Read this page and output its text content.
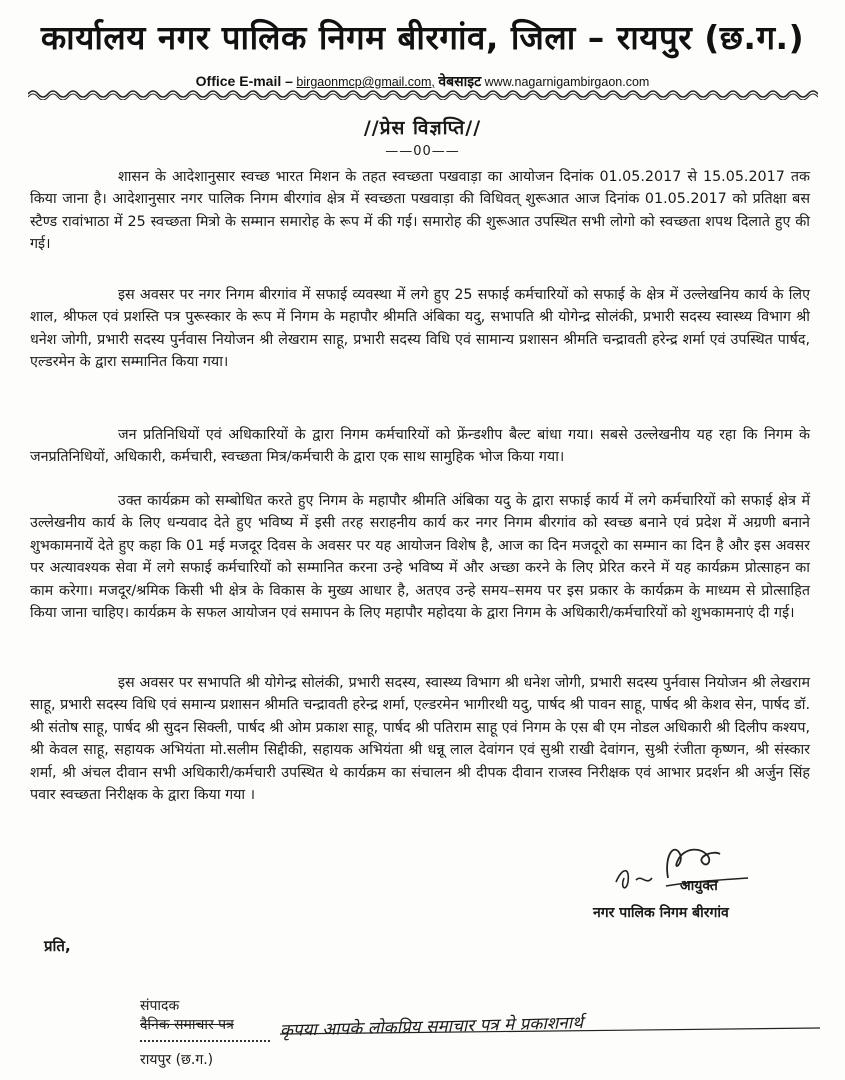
कार्यालय नगर पालिक निगम बीरगांव, जिला – रायपुर (छ.ग.)
Office E-mail – birgaonmcp@gmail.com, वेबसाइट www.nagarnigambirgaon.com
//प्रेस विज्ञप्ति//
——00——

शासन के आदेशानुसार स्वच्छ भारत मिशन के तहत स्वच्छता पखवाड़ा का आयोजन दिनांक 01.05.2017 से 15.05.2017 तक किया जाना है। आदेशानुसार नगर पालिक निगम बीरगांव क्षेत्र में स्वच्छता पखवाड़ा की विधिवत् शुरूआत आज दिनांक 01.05.2017 को प्रतिक्षा बस स्टैण्ड रावांभाठा में 25 स्वच्छता मित्रो के सम्मान समारोह के रूप में की गई। समारोह की शुरूआत उपस्थित सभी लोगो को स्वच्छता शपथ दिलाते हुए की गई।

इस अवसर पर नगर निगम बीरगांव में सफाई व्यवस्था में लगे हुए 25 सफाई कर्मचारियों को सफाई के क्षेत्र में उल्लेखनिय कार्य के लिए शाल, श्रीफल एवं प्रशस्ति पत्र पुरूस्कार के रूप में निगम के महापौर श्रीमति अंबिका यदु, सभापति श्री योगेन्द्र सोलंकी, प्रभारी सदस्य स्वास्थ्य विभाग श्री धनेश जोगी, प्रभारी सदस्य पुर्नवास नियोजन श्री लेखराम साहू, प्रभारी सदस्य विधि एवं सामान्य प्रशासन श्रीमति चन्द्रावती हरेन्द्र शर्मा एवं उपस्थित पार्षद, एल्डरमेन के द्वारा सम्मानित किया गया।

जन प्रतिनिधियों एवं अधिकारियों के द्वारा निगम कर्मचारियों को फ्रेंन्डशीप बैल्ट बांधा गया। सबसे उल्लेखनीय यह रहा कि निगम के जनप्रतिनिधियों, अधिकारी, कर्मचारी, स्वच्छता मित्र/कर्मचारी के द्वारा एक साथ सामुहिक भोज किया गया।

उक्त कार्यक्रम को सम्बोधित करते हुए निगम के महापौर श्रीमति अंबिका यदु के द्वारा सफाई कार्य में लगे कर्मचारियों को सफाई क्षेत्र में उल्लेखनीय कार्य के लिए धन्यवाद देते हुए भविष्य में इसी तरह सराहनीय कार्य कर नगर निगम बीरगांव को स्वच्छ बनाने एवं प्रदेश में अग्रणी बनाने शुभकामनायें देते हुए कहा कि 01 मई मजदूर दिवस के अवसर पर यह आयोजन विशेष है, आज का दिन मजदूरो का सम्मान का दिन है और इस अवसर पर अत्यावश्यक सेवा में लगे सफाई कर्मचारियों को सम्मानित करना उन्हे भविष्य में और अच्छा करने के लिए प्रेरित करने में यह कार्यक्रम प्रोत्साहन का काम करेगा। मजदूर/श्रमिक किसी भी क्षेत्र के विकास के मुख्य आधार है, अतएव उन्हे समय–समय पर इस प्रकार के कार्यक्रम के माध्यम से प्रोत्साहित किया जाना चाहिए। कार्यक्रम के सफल आयोजन एवं समापन के लिए महापौर महोदया के द्वारा निगम के अधिकारी/कर्मचारियों को शुभकामनाएं दी गई।

इस अवसर पर सभापति श्री योगेन्द्र सोलंकी, प्रभारी सदस्य, स्वास्थ्य विभाग श्री धनेश जोगी, प्रभारी सदस्य पुर्नवास नियोजन श्री लेखराम साहू, प्रभारी सदस्य विधि एवं समान्य प्रशासन श्रीमति चन्द्रावती हरेन्द्र शर्मा, एल्डरमेन भागीरथी यदु, पार्षद श्री पावन साहू, पार्षद श्री केशव सेन, पार्षद डॉ. श्री संतोष साहू, पार्षद श्री सुदन सिक्ली, पार्षद श्री ओम प्रकाश साहू, पार्षद श्री पतिराम साहू एवं निगम के एस बी एम नोडल अधिकारी श्री दिलीप कश्यप, श्री केवल साहू, सहायक अभियंता मो.सलीम सिद्दीकी, सहायक अभियंता श्री धन्नू लाल देवांगन एवं सुश्री राखी देवांगन, सुश्री रंजीता कृष्णन, श्री संस्कार शर्मा, श्री अंचल दीवान सभी अधिकारी/कर्मचारी उपस्थित थे कार्यक्रम का संचालन श्री दीपक दीवान राजस्व निरीक्षक एवं आभार प्रदर्शन श्री अर्जुन सिंह पवार स्वच्छता निरीक्षक के द्वारा किया गया ।

आयुक्त
नगर पालिक निगम बीरगांव
प्रति,
संपादक
दैनिक समाचार पत्र	कृपया आपके लोकप्रिय समाचार पत्र मे प्रकाशनार्थ
रायपुर (छ.ग.)
